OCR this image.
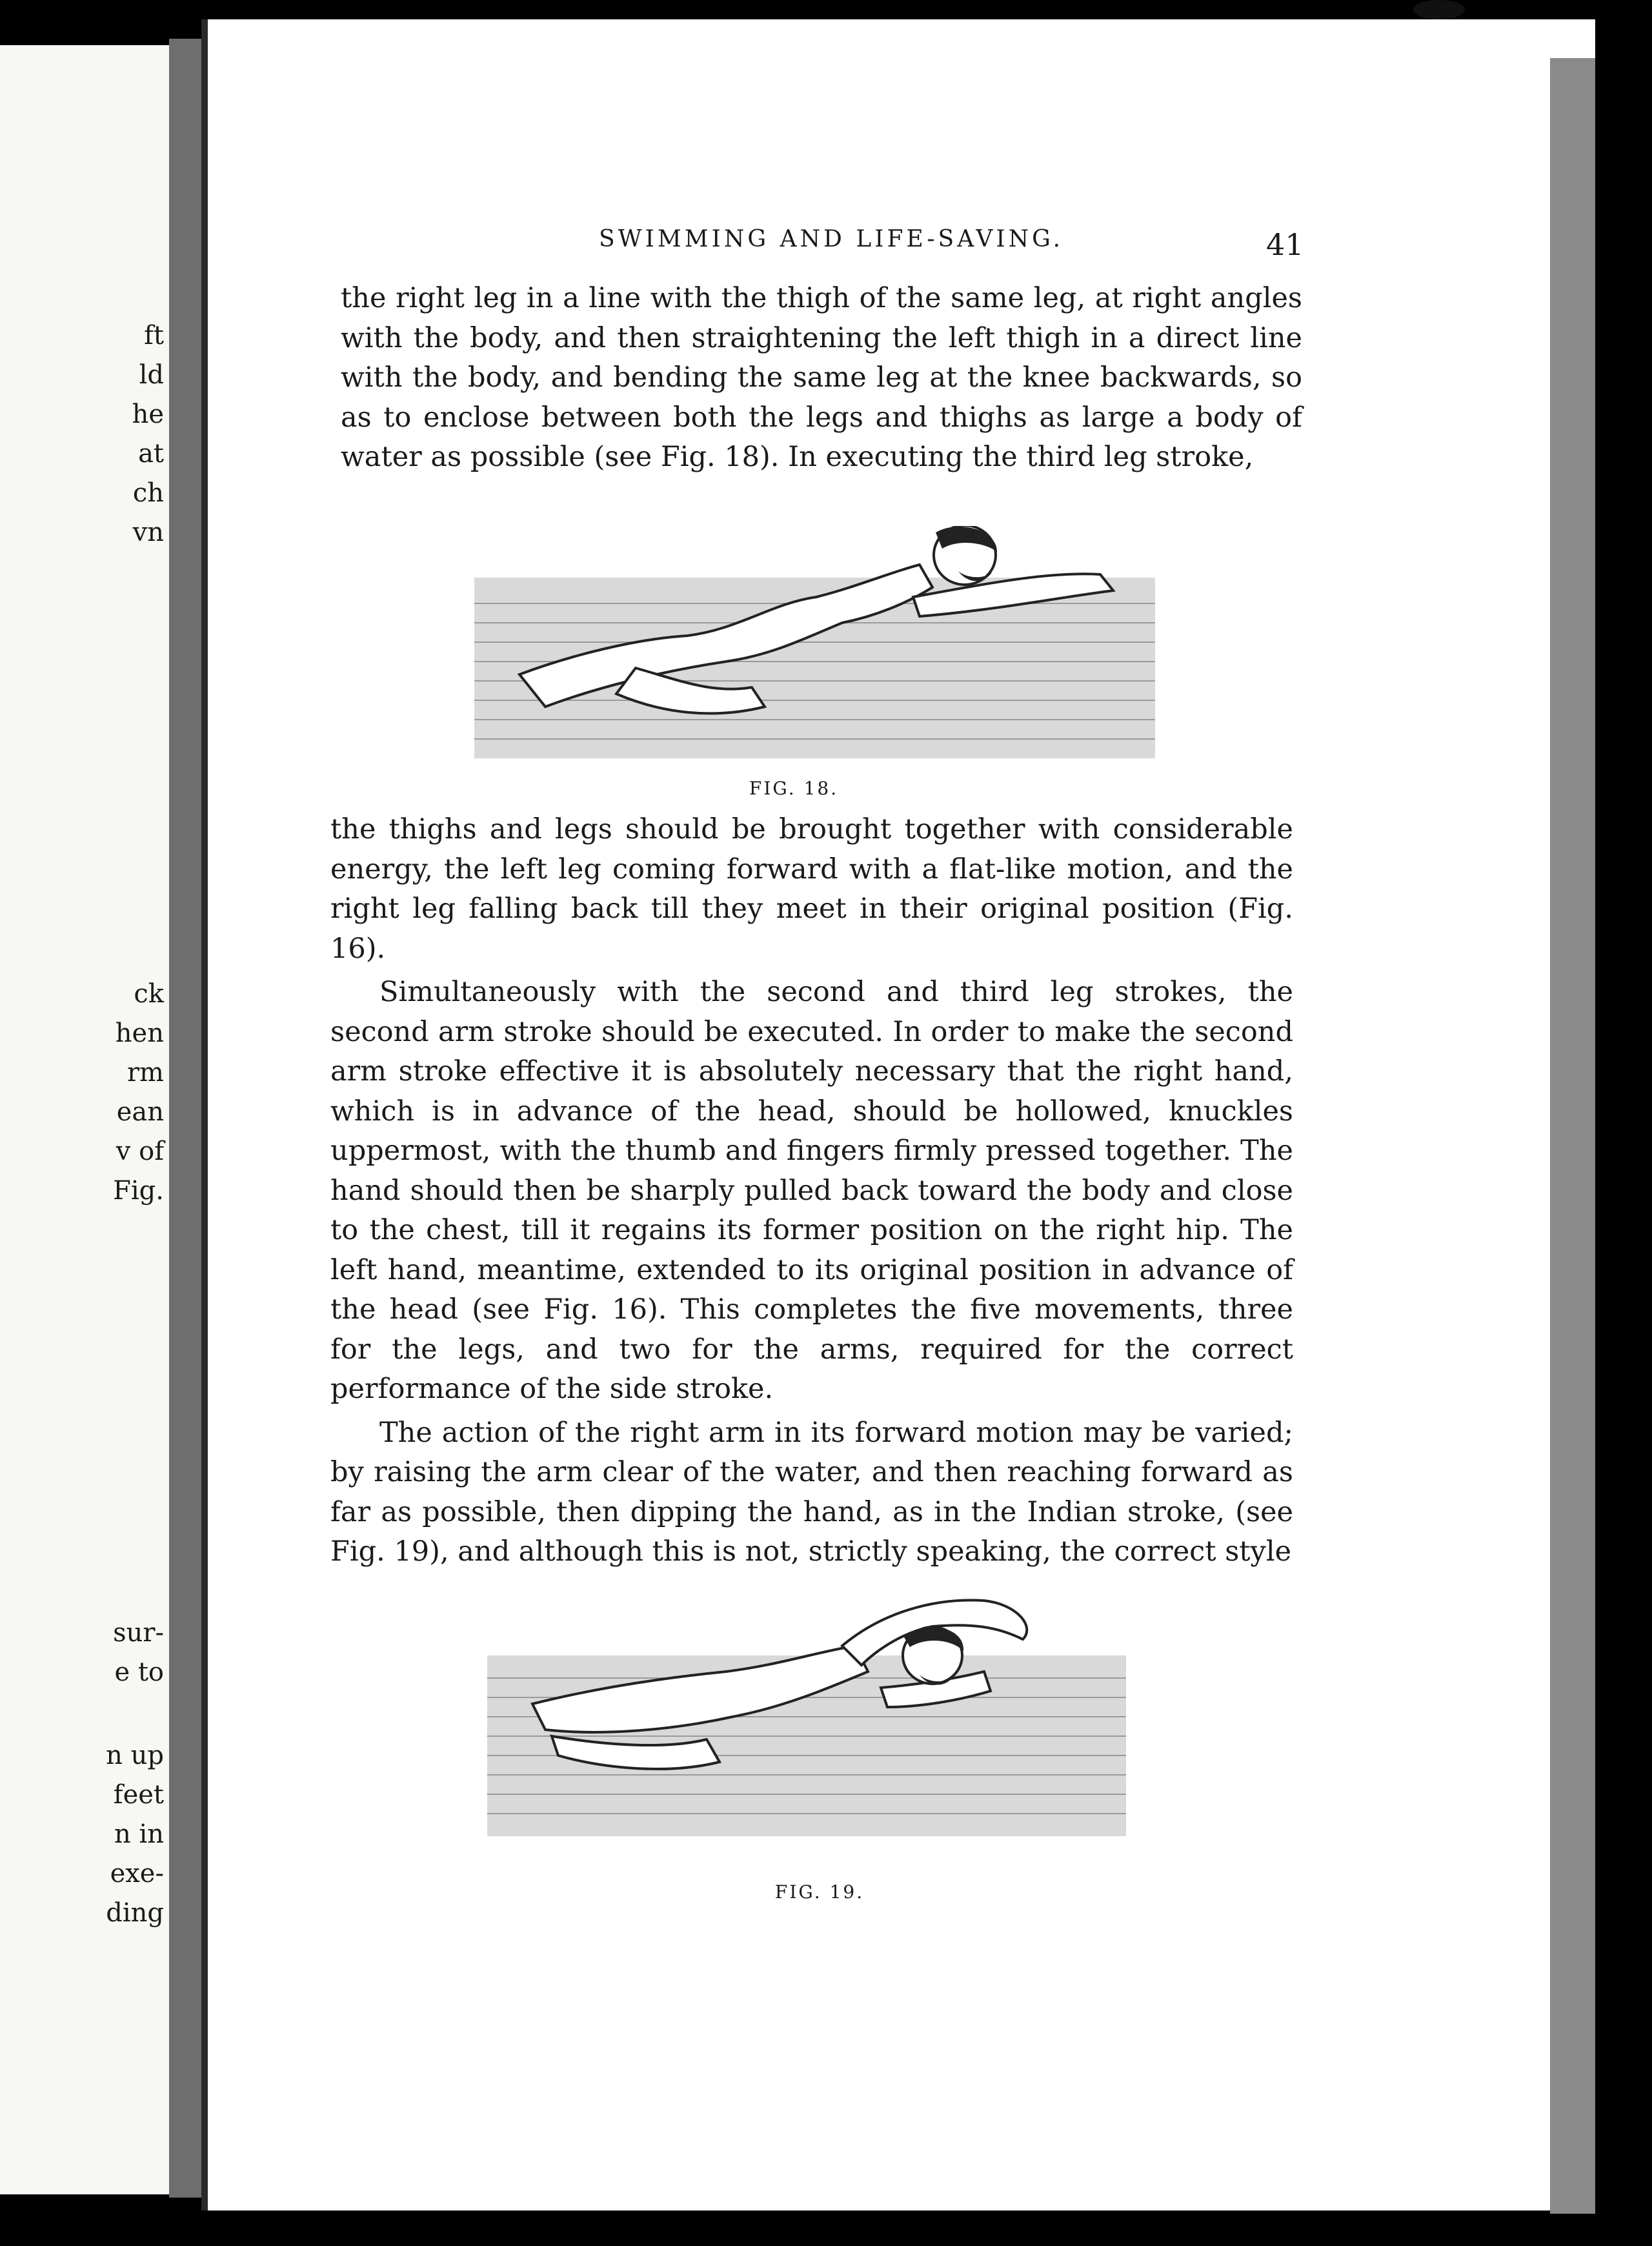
ft
ld
he
at
ch
vn
ck
hen
rm
ean
v of
Fig.
sur-
e to
n up
feet
n in
exe-
ding
SWIMMING AND LIFE-SAVING.	41

the right leg in a line with the thigh of the same leg, at right angles with the body, and then straightening the left thigh in a direct line with the body, and bending the same leg at the knee backwards, so as to enclose between both the legs and thighs as large a body of water as possible (see Fig. 18). In executing the third leg stroke,

FIG. 18.

the thighs and legs should be brought together with considerable energy, the left leg coming forward with a flat-like motion, and the right leg falling back till they meet in their original position (Fig. 16).

Simultaneously with the second and third leg strokes, the second arm stroke should be executed. In order to make the second arm stroke effective it is absolutely necessary that the right hand, which is in advance of the head, should be hollowed, knuckles uppermost, with the thumb and fingers firmly pressed together. The hand should then be sharply pulled back toward the body and close to the chest, till it regains its former position on the right hip. The left hand, meantime, extended to its original position in advance of the head (see Fig. 16). This completes the five movements, three for the legs, and two for the arms, required for the correct performance of the side stroke.

The action of the right arm in its forward motion may be varied; by raising the arm clear of the water, and then reaching forward as far as possible, then dipping the hand, as in the Indian stroke, (see Fig. 19), and although this is not, strictly speaking, the correct style

FIG. 19.
